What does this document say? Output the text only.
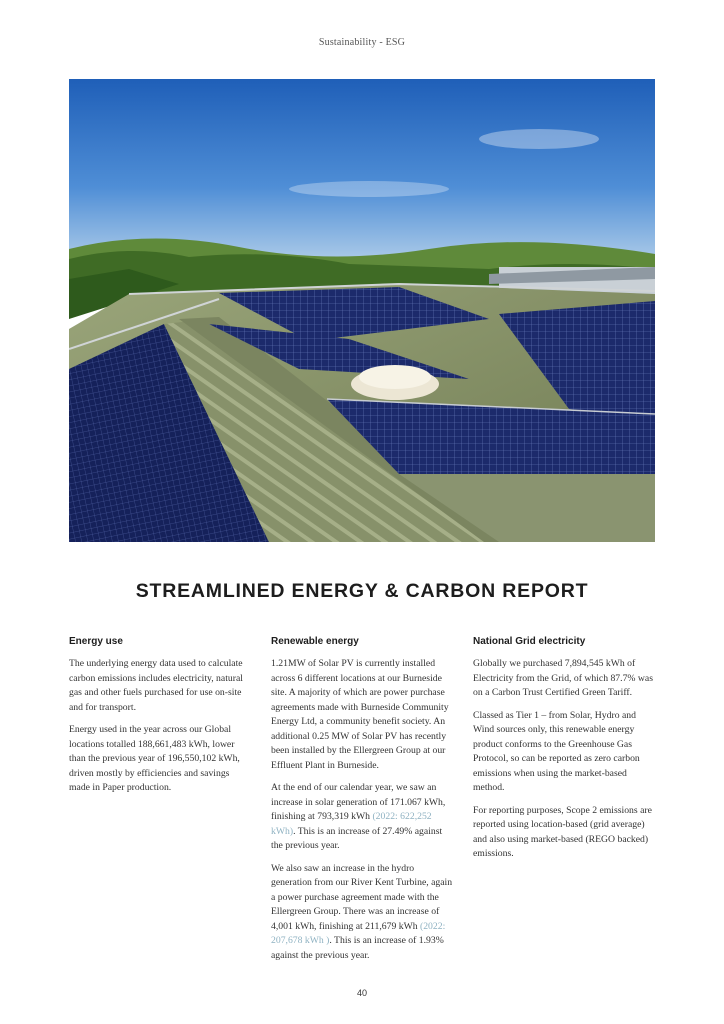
Sustainability - ESG
STREAMLINED ENERGY & CARBON REPORT
Energy use

The underlying energy data used to calculate carbon emissions includes electricity, natural gas and other fuels purchased for use on-site and for transport.

Energy used in the year across our Global locations totalled 188,661,483 kWh, lower than the previous year of 196,550,102 kWh, driven mostly by efficiencies and savings made in Paper production.

Renewable energy

1.21MW of Solar PV is currently installed across 6 different locations at our Burneside site. A majority of which are power purchase agreements made with Burneside Community Energy Ltd, a community benefit society. An additional 0.25 MW of Solar PV has recently been installed by the Ellergreen Group at our Effluent Plant in Burneside.

At the end of our calendar year, we saw an increase in solar generation of 171.067 kWh, finishing at 793,319 kWh (2022: 622,252 kWh). This is an increase of 27.49% against the previous year.

We also saw an increase in the hydro generation from our River Kent Turbine, again a power purchase agreement made with the Ellergreen Group. There was an increase of 4,001 kWh, finishing at 211,679 kWh (2022: 207,678 kWh ). This is an increase of 1.93% against the previous year.

National Grid electricity

Globally we purchased 7,894,545 kWh of Electricity from the Grid, of which 87.7% was on a Carbon Trust Certified Green Tariff.

Classed as Tier 1 – from Solar, Hydro and Wind sources only, this renewable energy product conforms to the Greenhouse Gas Protocol, so can be reported as zero carbon emissions when using the market-based method.

For reporting purposes, Scope 2 emissions are reported using location-based (grid average) and also using market-based (REGO backed) emissions.

40
